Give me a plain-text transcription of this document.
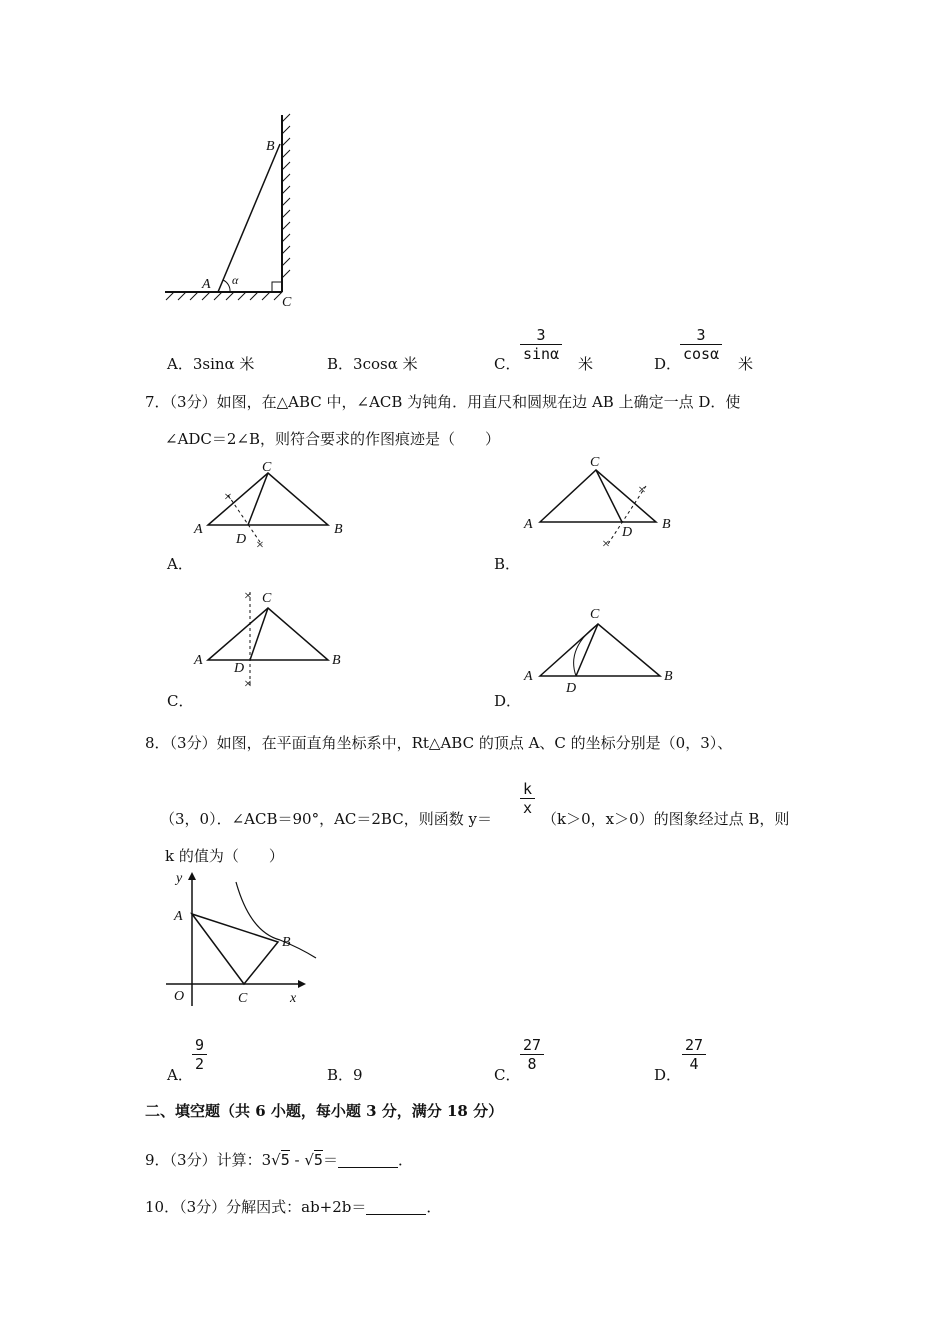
B
A α
C
A．3sinα 米	B．3cosα 米	C．
3
sinα
米	D．
3
cosα
米
7．（3分）如图，在△ABC 中，∠ACB 为钝角．用直尺和圆规在边 AB 上确定一点 D．使
∠ADC＝2∠B，则符合要求的作图痕迹是（　　）
×
×
C
A	B
D
A．
×
×
C
A	B
D
B．
×
×
C
A	B
D
C．
C
A	B
D
D．
8．（3分）如图，在平面直角坐标系中，Rt△ABC 的顶点 A、C 的坐标分别是（0，3）、
（3，0）．∠ACB＝90°，AC＝2BC，则函数 y＝
k
x
（k＞0，x＞0）的图象经过点 B，则
k 的值为（　　）
y
x
O
A
B
C
A．
9
2
B．9	C．
27
8
D．
27
4
二、填空题（共 6 小题，每小题 3 分，满分 18 分）
9．（3分）计算：3√5 - √5＝	．
10．（3分）分解因式：ab+2b＝	．
